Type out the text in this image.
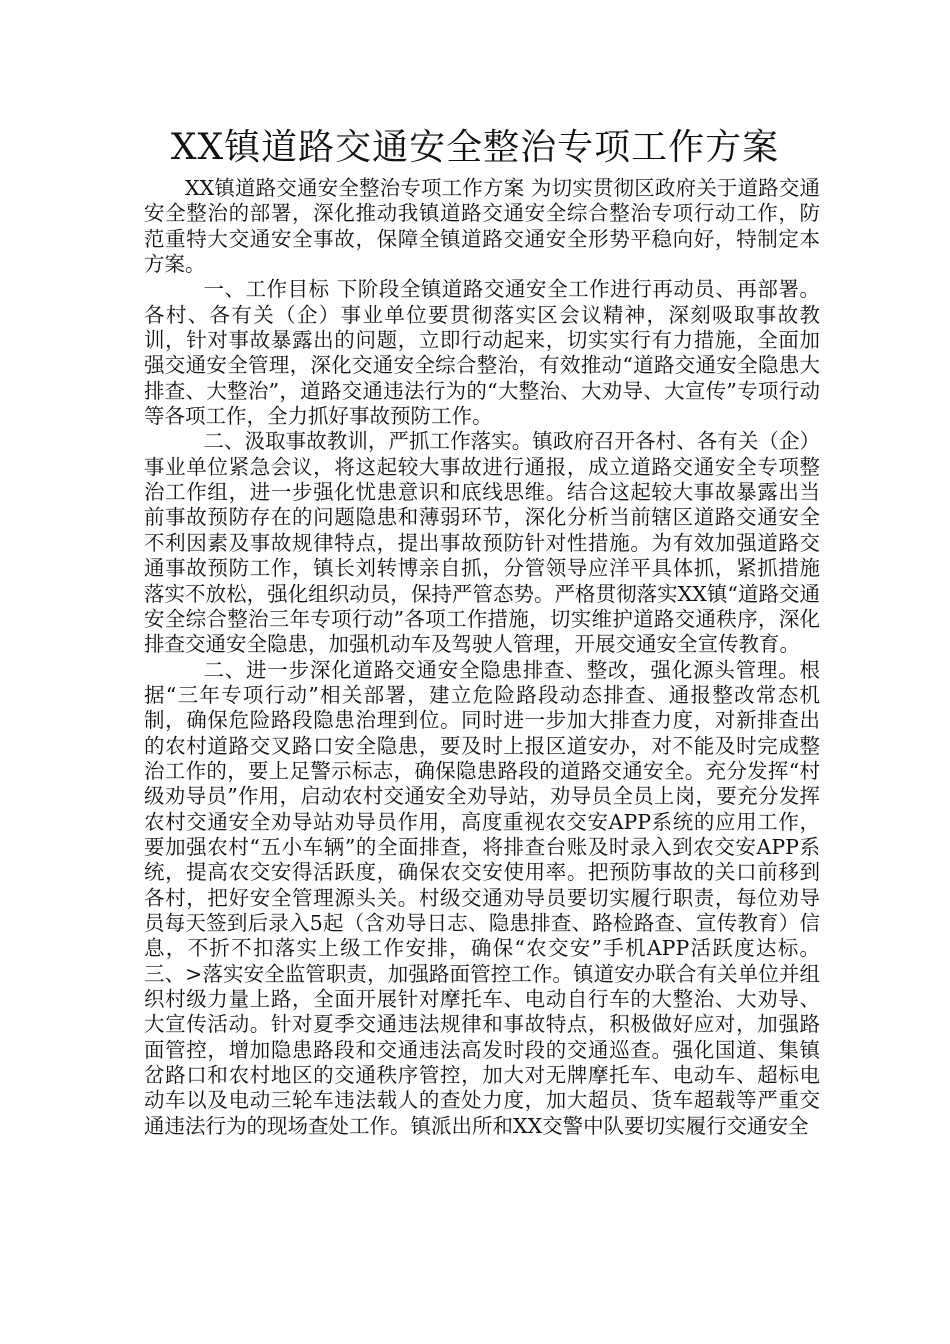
XX镇道路交通安全整治专项工作方案

XX镇道路交通安全整治专项工作方案 为切实贯彻区政府关于道路交通安全整治的部署，深化推动我镇道路交通安全综合整治专项行动工作，防范重特大交通安全事故，保障全镇道路交通安全形势平稳向好，特制定本方案。

一、工作目标 下阶段全镇道路交通安全工作进行再动员、再部署。各村、各有关（企）事业单位要贯彻落实区会议精神，深刻吸取事故教训，针对事故暴露出的问题，立即行动起来，切实实行有力措施，全面加强交通安全管理，深化交通安全综合整治，有效推动“道路交通安全隐患大排查、大整治”，道路交通违法行为的“大整治、大劝导、大宣传”专项行动等各项工作，全力抓好事故预防工作。

二、汲取事故教训，严抓工作落实。镇政府召开各村、各有关（企）事业单位紧急会议，将这起较大事故进行通报，成立道路交通安全专项整治工作组，进一步强化忧患意识和底线思维。结合这起较大事故暴露出当前事故预防存在的问题隐患和薄弱环节，深化分析当前辖区道路交通安全不利因素及事故规律特点，提出事故预防针对性措施。为有效加强道路交通事故预防工作，镇长刘转博亲自抓，分管领导应洋平具体抓，紧抓措施落实不放松，强化组织动员，保持严管态势。严格贯彻落实XX镇“道路交通安全综合整治三年专项行动”各项工作措施，切实维护道路交通秩序，深化排查交通安全隐患，加强机动车及驾驶人管理，开展交通安全宣传教育。

二、进一步深化道路交通安全隐患排查、整改，强化源头管理。根据“三年专项行动”相关部署，建立危险路段动态排查、通报整改常态机制，确保危险路段隐患治理到位。同时进一步加大排查力度，对新排查出的农村道路交叉路口安全隐患，要及时上报区道安办，对不能及时完成整治工作的，要上足警示标志，确保隐患路段的道路交通安全。充分发挥“村级劝导员”作用，启动农村交通安全劝导站，劝导员全员上岗，要充分发挥农村交通安全劝导站劝导员作用，高度重视农交安APP系统的应用工作，要加强农村“五小车辆”的全面排查，将排查台账及时录入到农交安APP系统，提高农交安得活跃度，确保农交安使用率。把预防事故的关口前移到各村，把好安全管理源头关。村级交通劝导员要切实履行职责，每位劝导员每天签到后录入5起（含劝导日志、隐患排查、路检路查、宣传教育）信息，不折不扣落实上级工作安排，确保“农交安”手机APP活跃度达标。三、>落实安全监管职责，加强路面管控工作。镇道安办联合有关单位并组织村级力量上路，全面开展针对摩托车、电动自行车的大整治、大劝导、大宣传活动。针对夏季交通违法规律和事故特点，积极做好应对，加强路面管控，增加隐患路段和交通违法高发时段的交通巡查。强化国道、集镇岔路口和农村地区的交通秩序管控，加大对无牌摩托车、电动车、超标电动车以及电动三轮车违法载人的查处力度，加大超员、货车超载等严重交通违法行为的现场查处工作。镇派出所和XX交警中队要切实履行交通安全
